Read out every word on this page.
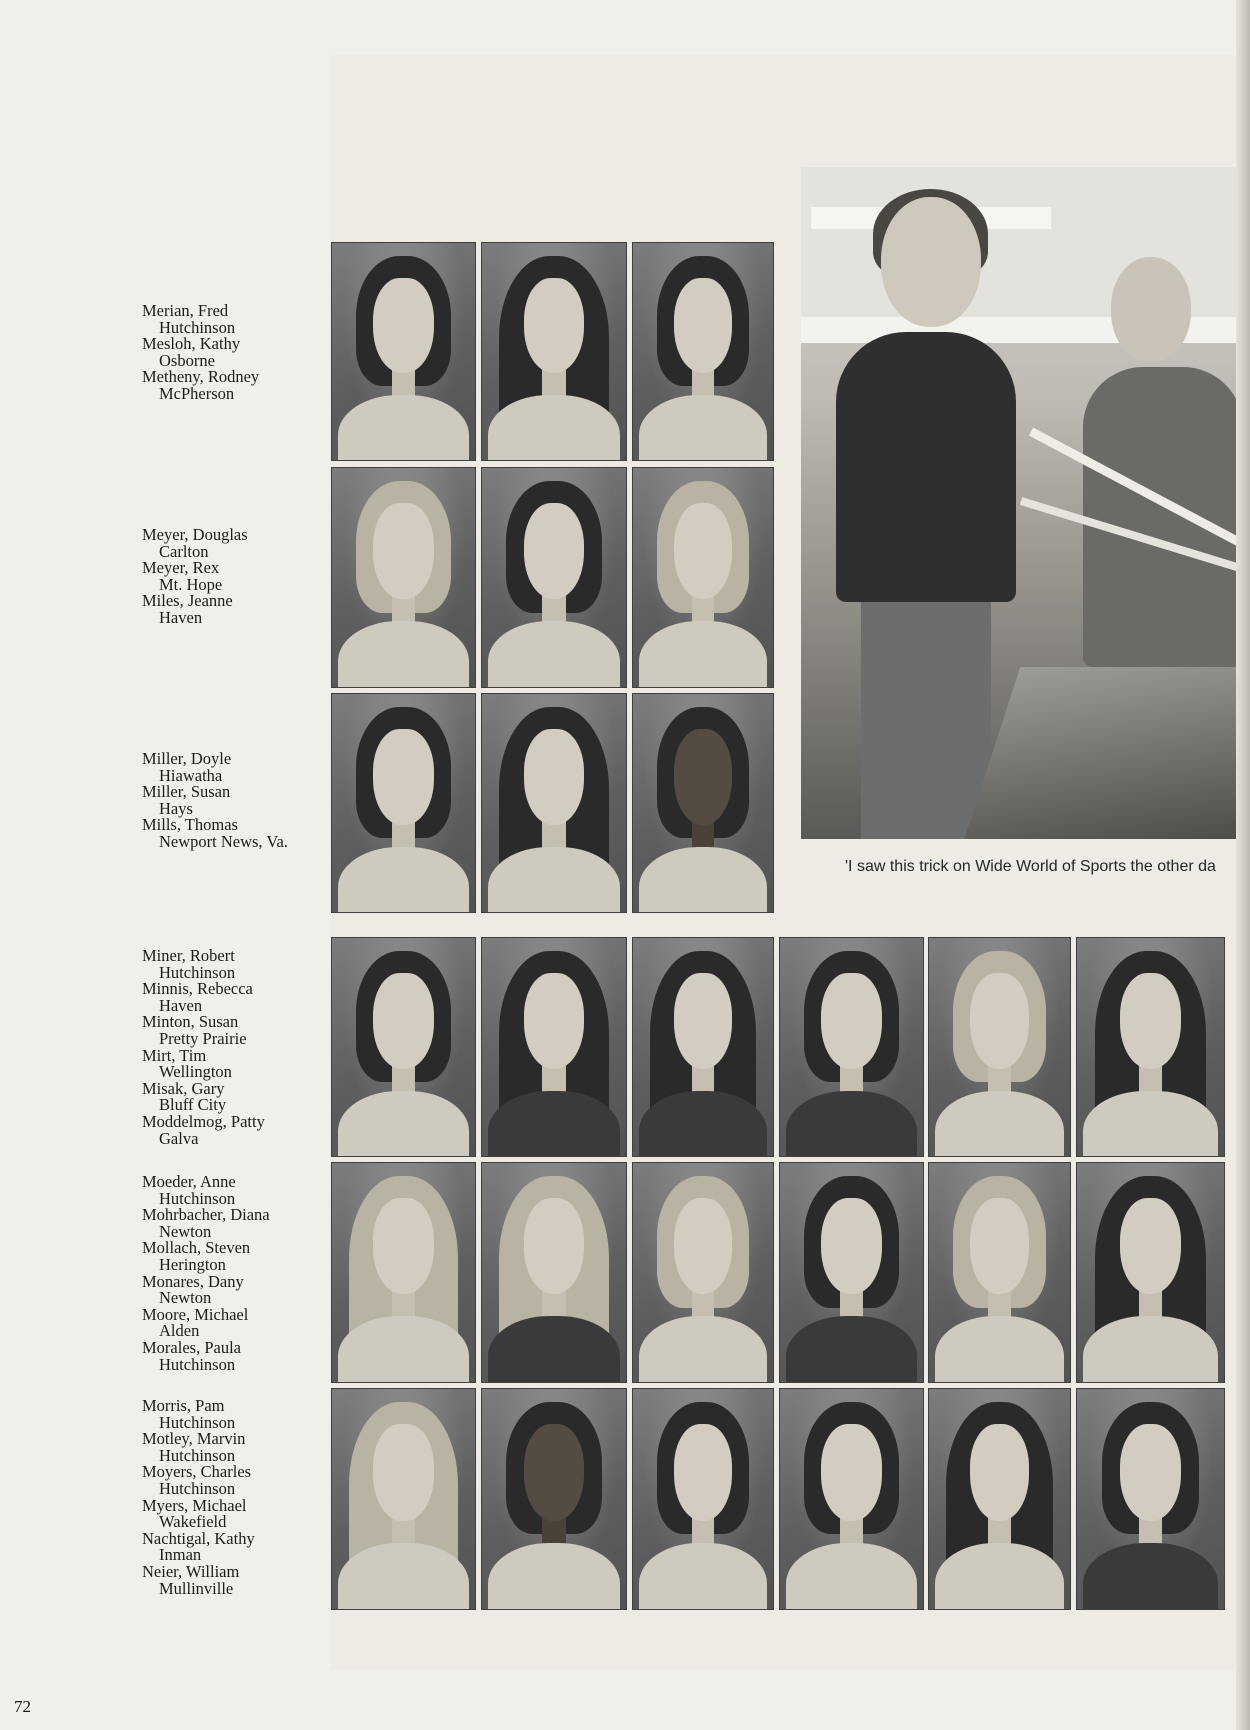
Merian, Fred
Hutchinson
Mesloh, Kathy
Osborne
Metheny, Rodney
McPherson
Meyer, Douglas
Carlton
Meyer, Rex
Mt. Hope
Miles, Jeanne
Haven
Miller, Doyle
Hiawatha
Miller, Susan
Hays
Mills, Thomas
Newport News, Va.
Miner, Robert
Hutchinson
Minnis, Rebecca
Haven
Minton, Susan
Pretty Prairie
Mirt, Tim
Wellington
Misak, Gary
Bluff City
Moddelmog, Patty
Galva
Moeder, Anne
Hutchinson
Mohrbacher, Diana
Newton
Mollach, Steven
Herington
Monares, Dany
Newton
Moore, Michael
Alden
Morales, Paula
Hutchinson
Morris, Pam
Hutchinson
Motley, Marvin
Hutchinson
Moyers, Charles
Hutchinson
Myers, Michael
Wakefield
Nachtigal, Kathy
Inman
Neier, William
Mullinville
'I saw this trick on Wide World of Sports the other da
72
